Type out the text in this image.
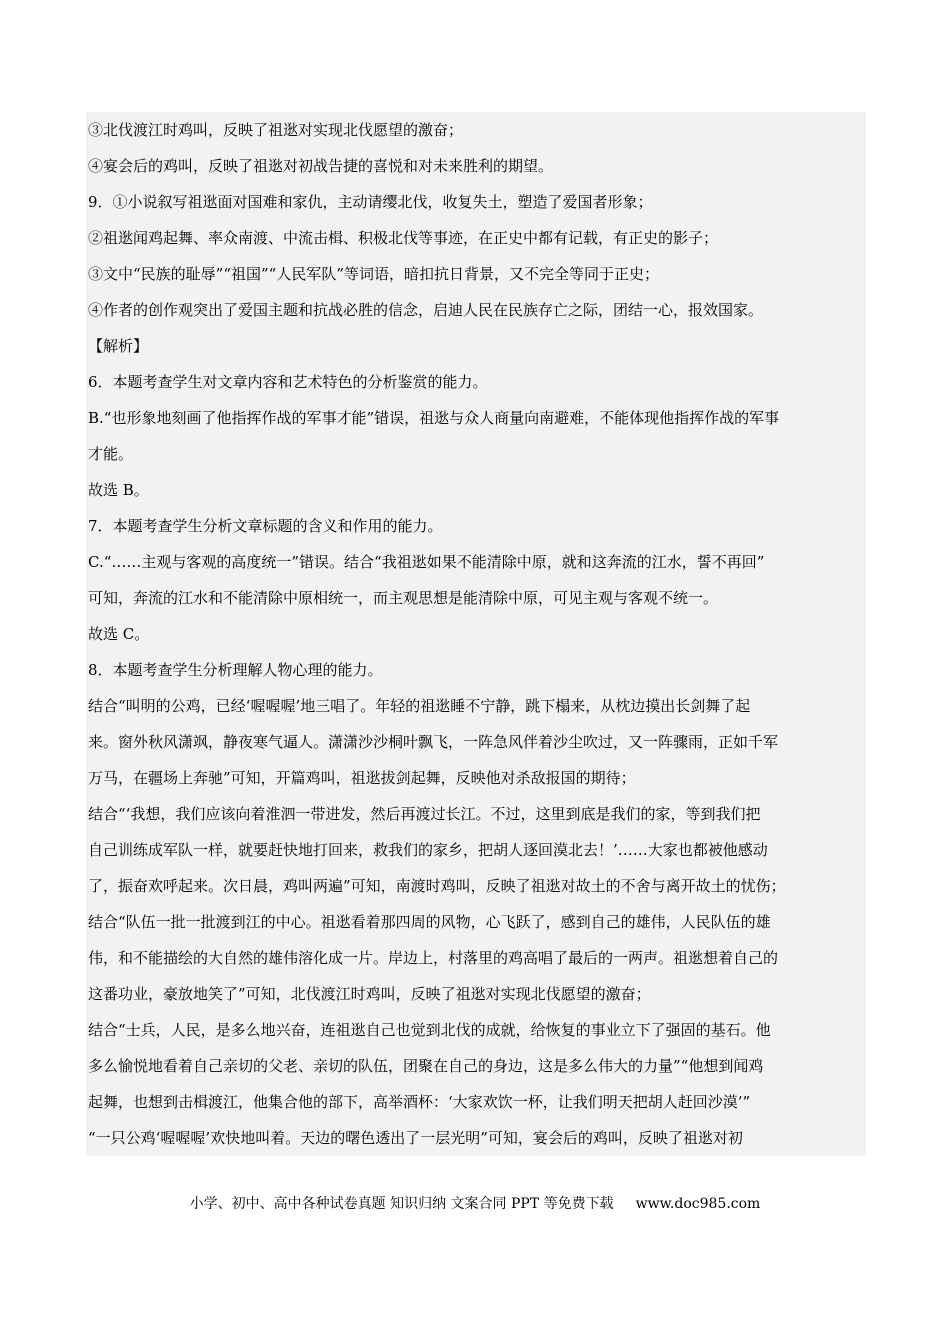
③北伐渡江时鸡叫，反映了祖逖对实现北伐愿望的激奋；
④宴会后的鸡叫，反映了祖逖对初战告捷的喜悦和对未来胜利的期望。
9．①小说叙写祖逖面对国难和家仇，主动请缨北伐，收复失土，塑造了爱国者形象；
②祖逖闻鸡起舞、率众南渡、中流击楫、积极北伐等事迹，在正史中都有记载，有正史的影子；
③文中“民族的耻辱”“祖国”“人民军队”等词语，暗扣抗日背景，又不完全等同于正史；
④作者的创作观突出了爱国主题和抗战必胜的信念，启迪人民在民族存亡之际，团结一心，报效国家。
【解析】
6．本题考查学生对文章内容和艺术特色的分析鉴赏的能力。
B.“也形象地刻画了他指挥作战的军事才能”错误，祖逖与众人商量向南避难，不能体现他指挥作战的军事
才能。
故选 B。
7．本题考查学生分析文章标题的含义和作用的能力。
C.“……主观与客观的高度统一”错误。结合“我祖逖如果不能清除中原，就和这奔流的江水，誓不再回”
可知，奔流的江水和不能清除中原相统一，而主观思想是能清除中原，可见主观与客观不统一。
故选 C。
8．本题考查学生分析理解人物心理的能力。
结合“叫明的公鸡，已经‘喔喔喔’地三唱了。年轻的祖逖睡不宁静，跳下榻来，从枕边摸出长剑舞了起
来。窗外秋风潇飒，静夜寒气逼人。潇潇沙沙桐叶飘飞，一阵急风伴着沙尘吹过，又一阵骤雨，正如千军
万马，在疆场上奔驰”可知，开篇鸡叫，祖逖拔剑起舞，反映他对杀敌报国的期待；
结合“‘我想，我们应该向着淮泗一带进发，然后再渡过长江。不过，这里到底是我们的家，等到我们把
自己训练成军队一样，就要赶快地打回来，救我们的家乡，把胡人逐回漠北去！’……大家也都被他感动
了，振奋欢呼起来。次日晨，鸡叫两遍”可知，南渡时鸡叫，反映了祖逖对故土的不舍与离开故土的忧伤；
结合“队伍一批一批渡到江的中心。祖逖看着那四周的风物，心飞跃了，感到自己的雄伟，人民队伍的雄
伟，和不能描绘的大自然的雄伟溶化成一片。岸边上，村落里的鸡高唱了最后的一两声。祖逖想着自己的
这番功业，豪放地笑了”可知，北伐渡江时鸡叫，反映了祖逖对实现北伐愿望的激奋；
结合“士兵，人民，是多么地兴奋，连祖逖自己也觉到北伐的成就，给恢复的事业立下了强固的基石。他
多么愉悦地看着自己亲切的父老、亲切的队伍，团聚在自己的身边，这是多么伟大的力量”“他想到闻鸡
起舞，也想到击楫渡江，他集合他的部下，高举酒杯：‘大家欢饮一杯，让我们明天把胡人赶回沙漠’”
“一只公鸡‘喔喔喔’欢快地叫着。天边的曙色透出了一层光明”可知，宴会后的鸡叫，反映了祖逖对初
小学、初中、高中各种试卷真题 知识归纳 文案合同 PPT 等免费下载 www.doc985.com
